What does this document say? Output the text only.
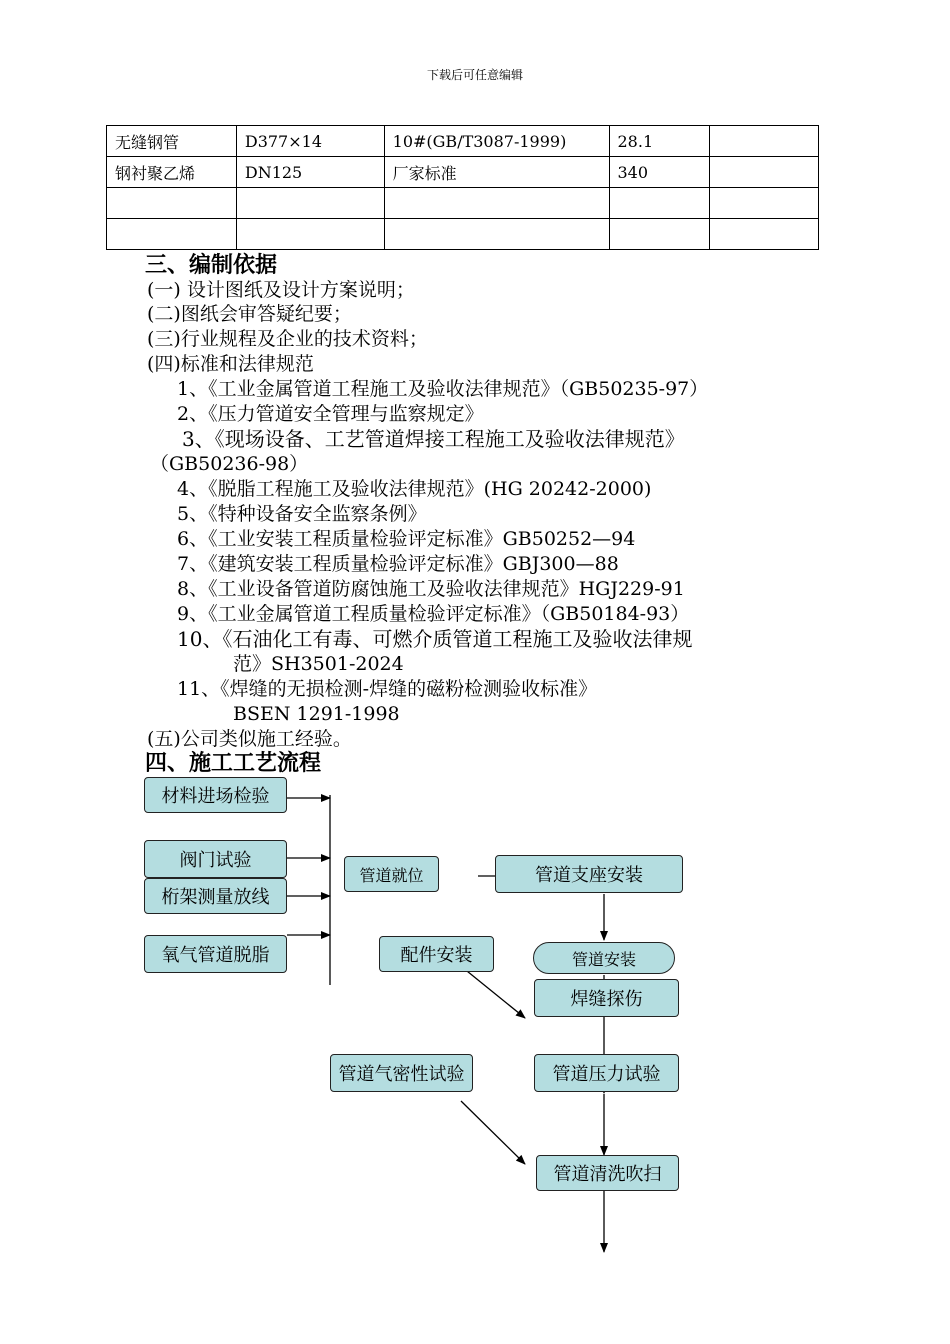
下载后可任意编辑
无缝钢管	D377×14	10#(GB/T3087-1999)	28.1	
钢衬聚乙烯	DN125	厂家标准	340	

三、编制依据
(一) 设计图纸及设计方案说明；
(二)图纸会审答疑纪要；
(三)行业规程及企业的技术资料；
(四)标准和法律规范
1、《工业金属管道工程施工及验收法律规范》（GB50235-97）
2、《压力管道安全管理与监察规定》
3、《现场设备、工艺管道焊接工程施工及验收法律规范》
（GB50236-98）
4、《脱脂工程施工及验收法律规范》(HG 20242-2000)
5、《特种设备安全监察条例》
6、《工业安装工程质量检验评定标准》GB50252—94
7、《建筑安装工程质量检验评定标准》GBJ300—88
8、《工业设备管道防腐蚀施工及验收法律规范》HGJ229-91
9、《工业金属管道工程质量检验评定标准》（GB50184-93）
10、《石油化工有毒、可燃介质管道工程施工及验收法律规
范》SH3501-2024
11、《焊缝的无损检测-焊缝的磁粉检测验收标准》
BSEN 1291-1998
(五)公司类似施工经验。
四、施工工艺流程
材料进场检验
阀门试验
桁架测量放线
氧气管道脱脂
管道就位	管道支座安装
配件安装	管道安装
焊缝探伤
管道气密性试验	管道压力试验
管道清洗吹扫
